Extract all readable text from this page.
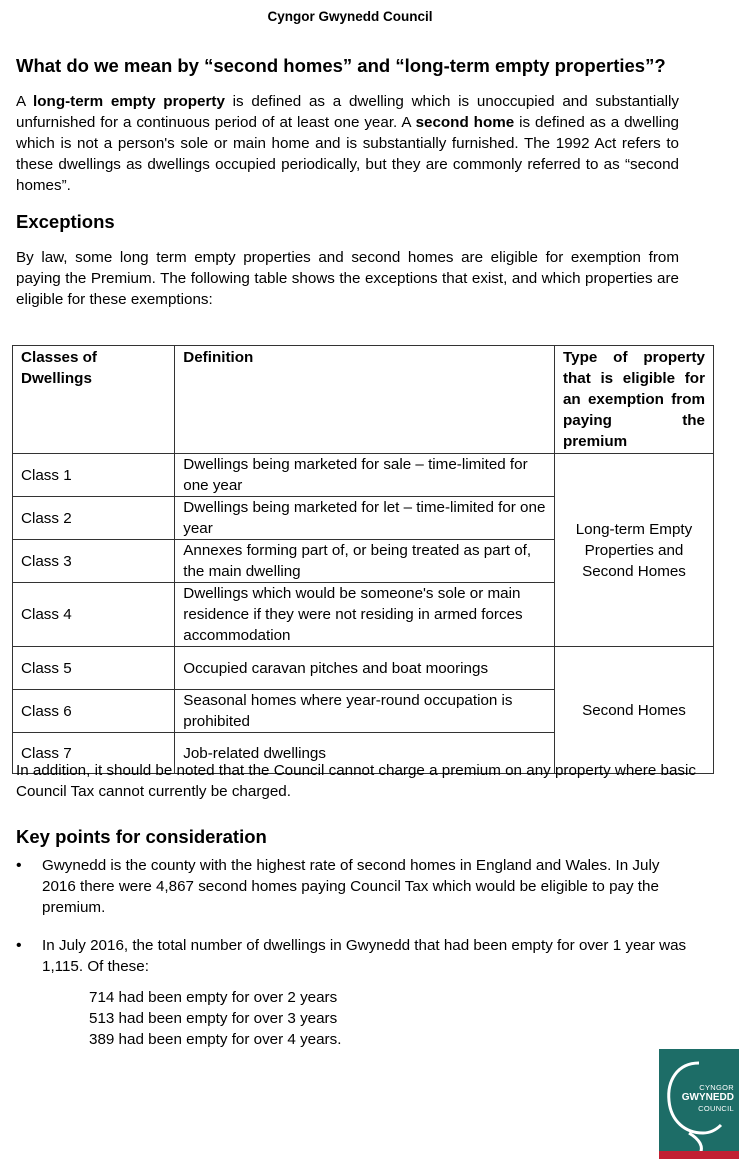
Cyngor Gwynedd Council
What do we mean by “second homes” and “long-term empty properties”?

A long-term empty property is defined as a dwelling which is unoccupied and substantially unfurnished for a continuous period of at least one year. A second home is defined as a dwelling which is not a person's sole or main home and is substantially furnished. The 1992 Act refers to these dwellings as dwellings occupied periodically, but they are commonly referred to as “second homes”.

Exceptions

By law, some long term empty properties and second homes are eligible for exemption from paying the Premium. The following table shows the exceptions that exist, and which properties are eligible for these exemptions:

Classes of Dwellings	Definition	Type of property that is eligible for an exemption from paying the premium
Class 1	Dwellings being marketed for sale – time-limited for one year	Long-term Empty Properties and Second Homes
Class 2	Dwellings being marketed for let – time-limited for one year	
Class 3	Annexes forming part of, or being treated as part of, the main dwelling	
Class 4	Dwellings which would be someone's sole or main residence if they were not residing in armed forces accommodation	
Class 5	Occupied caravan pitches and boat moorings	Second Homes
Class 6	Seasonal homes where year-round occupation is prohibited	
Class 7	Job-related dwellings	

In addition, it should be noted that the Council cannot charge a premium on any property where basic Council Tax cannot currently be charged.

Key points for consideration
• Gwynedd is the county with the highest rate of second homes in England and Wales. In July 2016 there were 4,867 second homes paying Council Tax which would be eligible to pay the premium.
• In July 2016, the total number of dwellings in Gwynedd that had been empty for over 1 year was 1,115. Of these:
714 had been empty for over 2 years
513 had been empty for over 3 years
389 had been empty for over 4 years.
CYNGOR
GWYNEDD
COUNCIL
